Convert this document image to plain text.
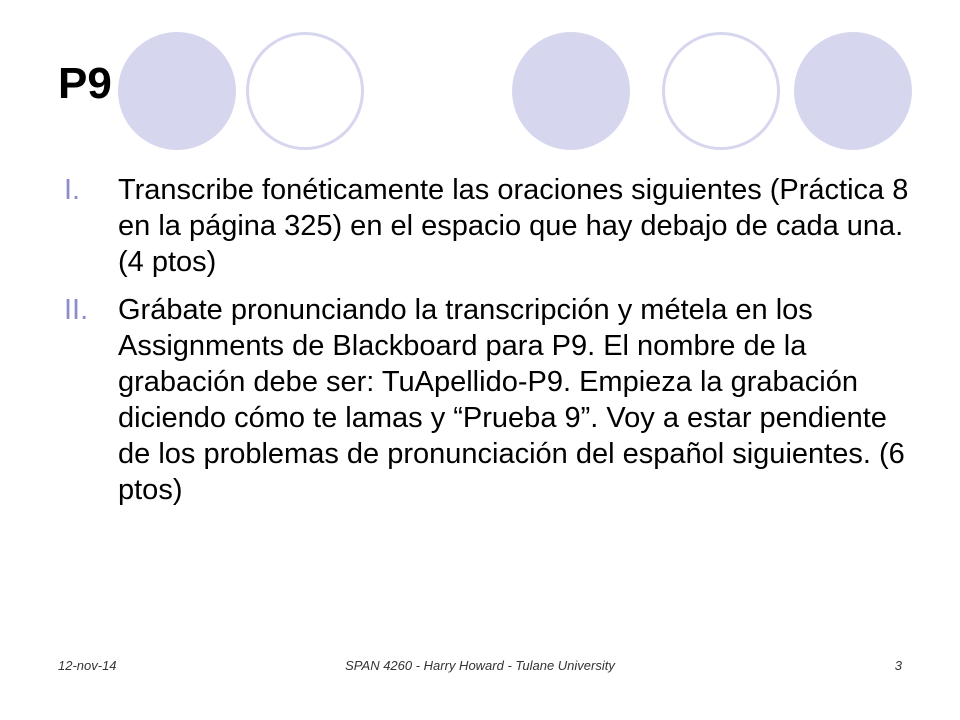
P9
I. Transcribe fonéticamente las oraciones siguientes (Práctica 8 en la página 325) en el espacio que hay debajo de cada una. (4 ptos)
II. Grábate pronunciando la transcripción y métela en los Assignments de Blackboard para P9. El nombre de la grabación debe ser: TuApellido-P9. Empieza la grabación diciendo cómo te lamas y “Prueba 9”. Voy a estar pendiente de los problemas de pronunciación del español siguientes. (6 ptos)

12-nov-14	SPAN 4260 - Harry Howard - Tulane University	3
